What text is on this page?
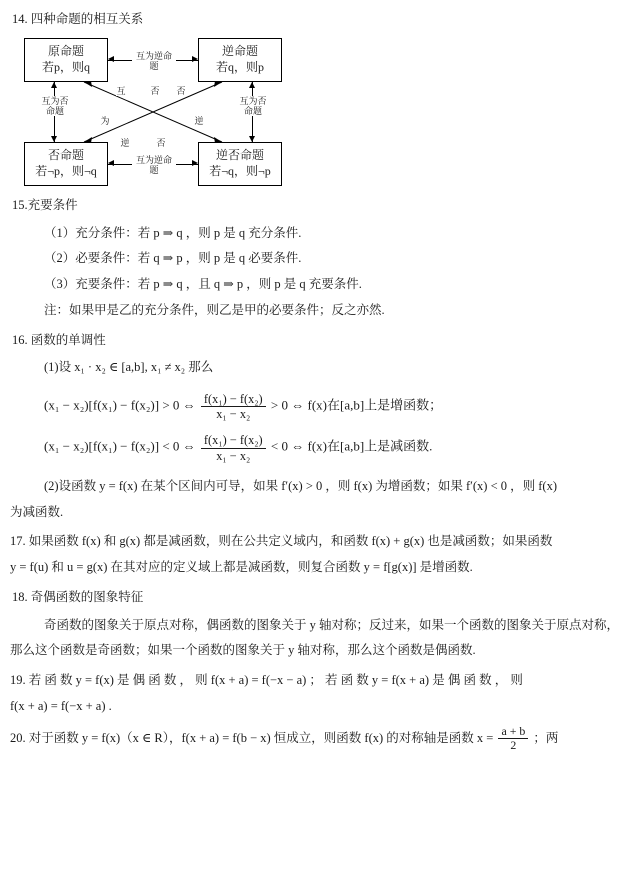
14. 四种命题的相互关系
原命题
若p，则q
逆命题
若q，则p
否命题
若¬p，则¬q
逆否命题
若¬q，则¬p
互为逆命题
互为逆命题
互为否命题
互为否命题
互	否 否
为	逆
逆	否
15.充要条件
（1）充分条件：若 p ⇒ q ，则 p 是 q 充分条件.
（2）必要条件：若 q ⇒ p ，则 p 是 q 必要条件.
（3）充要条件：若 p ⇒ q ，且 q ⇒ p ，则 p 是 q 充要条件.
注：如果甲是乙的充分条件，则乙是甲的必要条件；反之亦然.
16. 函数的单调性
(1)设 x₁ · x₂ ∈ [a,b], x₁ ≠ x₂ 那么
(x₁ − x₂)[f(x₁) − f(x₂)] > 0 ⇔ $\frac{\text{f(x₁) − f(x₂)}}{\text{x₁ − x₂}} > 0$ ⇔ f(x)在[a,b]上是增函数；
(x₁ − x₂)[f(x₁) − f(x₂)] < 0 ⇔ $\frac{\text{f(x₁) − f(x₂)}}{\text{x₁ − x₂}} < 0$ ⇔ f(x)在[a,b]上是减函数.
(2)设函数 y = f(x) 在某个区间内可导，如果 f′(x) > 0 ，则 f(x) 为增函数；如果 f′(x) < 0 ，则 f(x)
为减函数.
17. 如果函数 f(x) 和 g(x) 都是减函数，则在公共定义域内，和函数 f(x) + g(x) 也是减函数；如果函数
y = f(u) 和 u = g(x) 在其对应的定义域上都是减函数，则复合函数 y = f[g(x)] 是增函数.
18. 奇偶函数的图象特征
奇函数的图象关于原点对称，偶函数的图象关于 y 轴对称；反过来，如果一个函数的图象关于原点对称，
那么这个函数是奇函数；如果一个函数的图象关于 y 轴对称，那么这个函数是偶函数.
19. 若 函 数 y = f(x) 是 偶 函 数 ， 则 f(x + a) = f(−x − a) ； 若 函 数 y = f(x + a) 是 偶 函 数 ， 则
f(x + a) = f(−x + a) .
20. 对于函数 y = f(x)（x ∈ R），f(x + a) = f(b − x) 恒成立，则函数 f(x) 的对称轴是函数 $x = \frac{a + b}{2}$ ；两
